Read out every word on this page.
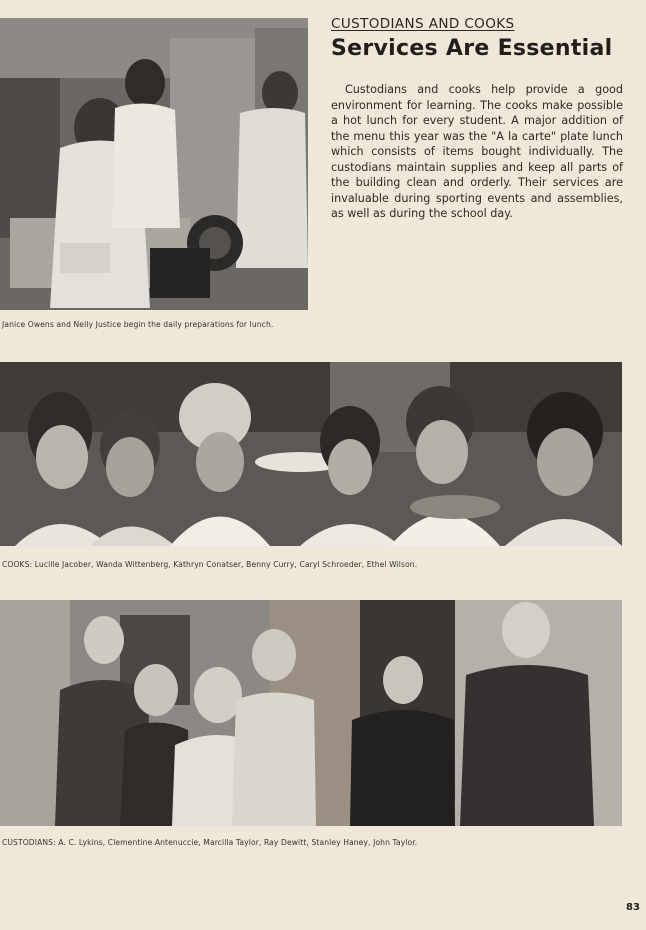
Janice Owens and Nelly Justice begin the daily preparations for lunch.
CUSTODIANS AND COOKS
Services Are Essential
Custodians and cooks help provide a good environment for learning. The cooks make possible a hot lunch for every student. A major addition of the menu this year was the "A la carte" plate lunch which consists of items bought individually. The custodians maintain supplies and keep all parts of the building clean and orderly. Their services are invaluable during sporting events and assemblies, as well as during the school day.
COOKS: Lucille Jacober, Wanda Wittenberg, Kathryn Conatser, Benny Curry, Caryl Schroeder, Ethel Wilson.
CUSTODIANS: A. C. Lykins, Clementine Antenuccie, Marcilla Taylor, Ray Dewitt, Stanley Haney, John Taylor.
83
